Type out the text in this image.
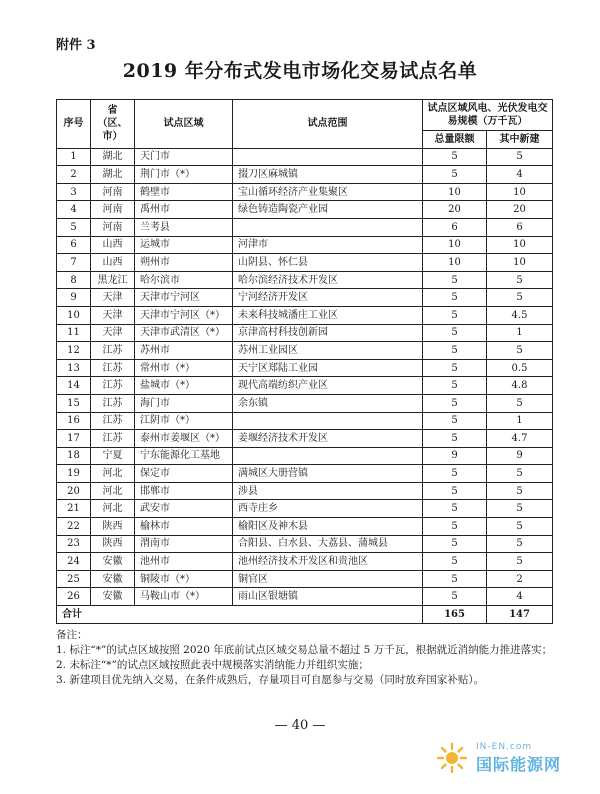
附件 3
2019 年分布式发电市场化交易试点名单
序号	省（区、市）	试点区域	试点范围	试点区域风电、光伏发电交易规模（万千瓦）	
				总量限额	其中新建
1	湖北	天门市		5	5
2	湖北	荆门市（*）	掇刀区麻城镇	5	4
3	河南	鹤壁市	宝山循环经济产业集聚区	10	10
4	河南	禹州市	绿色铸造陶瓷产业园	20	20
5	河南	兰考县		6	6
6	山西	运城市	河津市	10	10
7	山西	朔州市	山阴县、怀仁县	10	10
8	黑龙江	哈尔滨市	哈尔滨经济技术开发区	5	5
9	天津	天津市宁河区	宁河经济开发区	5	5
10	天津	天津市宁河区（*）	未来科技城潘庄工业区	5	4.5
11	天津	天津市武清区（*）	京津高村科技创新园	5	1
12	江苏	苏州市	苏州工业园区	5	5
13	江苏	常州市（*）	天宁区郑陆工业园	5	0.5
14	江苏	盐城市（*）	现代高端纺织产业区	5	4.8
15	江苏	海门市	余东镇	5	5
16	江苏	江阴市（*）		5	1
17	江苏	泰州市姜堰区（*）	姜堰经济技术开发区	5	4.7
18	宁夏	宁东能源化工基地		9	9
19	河北	保定市	满城区大册营镇	5	5
20	河北	邯郸市	涉县	5	5
21	河北	武安市	西寺庄乡	5	5
22	陕西	榆林市	榆阳区及神木县	5	5
23	陕西	渭南市	合阳县、白水县、大荔县、蒲城县	5	5
24	安徽	池州市	池州经济技术开发区和贵池区	5	5
25	安徽	铜陵市（*）	铜官区	5	2
26	安徽	马鞍山市（*）	雨山区银塘镇	5	4
合计				165	147
备注：
1. 标注“*”的试点区域按照 2020 年底前试点区域交易总量不超过 5 万千瓦，根据就近消纳能力推进落实；
2. 未标注“*”的试点区域按照此表中规模落实消纳能力并组织实施；
3. 新建项目优先纳入交易，在条件成熟后，存量项目可自愿参与交易（同时放弃国家补贴）。
— 40 —
IN-EN.com
国际能源网
